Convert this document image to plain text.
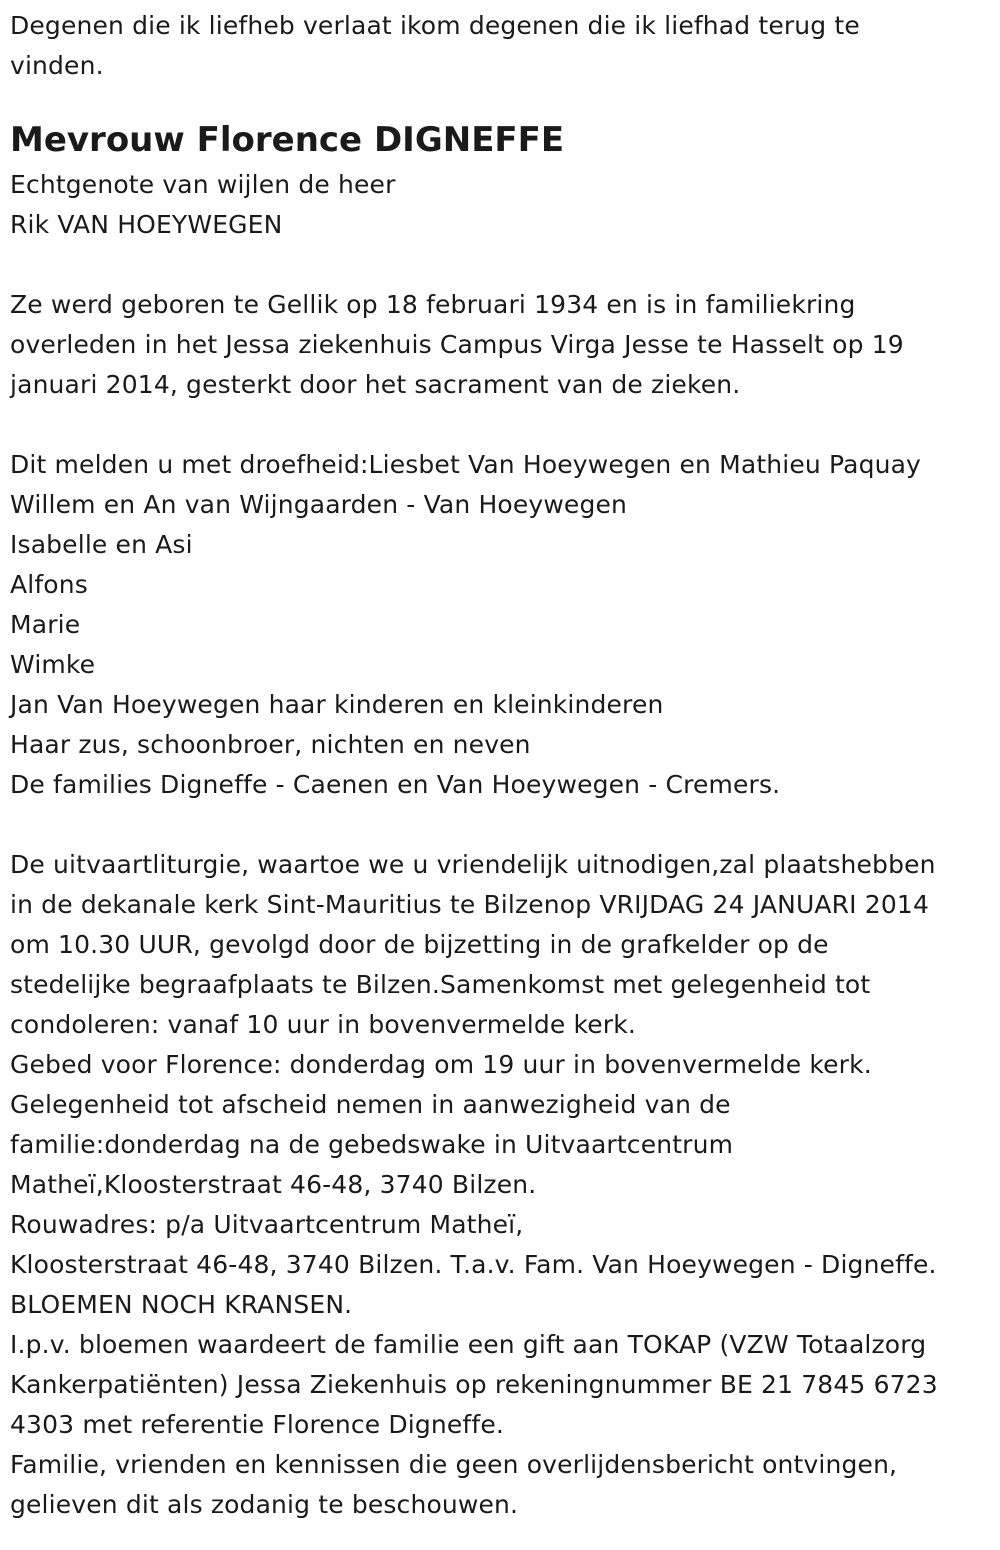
Degenen die ik liefheb verlaat ikom degenen die ik liefhad terug te
vinden.
Mevrouw Florence DIGNEFFE
Echtgenote van wijlen de heer
Rik VAN HOEYWEGEN
Ze werd geboren te Gellik op 18 februari 1934 en is in familiekring
overleden in het Jessa ziekenhuis Campus Virga Jesse te Hasselt op 19
januari 2014, gesterkt door het sacrament van de zieken.
Dit melden u met droefheid:Liesbet Van Hoeywegen en Mathieu Paquay
Willem en An van Wijngaarden - Van Hoeywegen
Isabelle en Asi
Alfons
Marie
Wimke
Jan Van Hoeywegen haar kinderen en kleinkinderen
Haar zus, schoonbroer, nichten en neven
De families Digneffe - Caenen en Van Hoeywegen - Cremers.
De uitvaartliturgie, waartoe we u vriendelijk uitnodigen,zal plaatshebben
in de dekanale kerk Sint-Mauritius te Bilzenop VRIJDAG 24 JANUARI 2014
om 10.30 UUR, gevolgd door de bijzetting in de grafkelder op de
stedelijke begraafplaats te Bilzen.Samenkomst met gelegenheid tot
condoleren: vanaf 10 uur in bovenvermelde kerk.
Gebed voor Florence: donderdag om 19 uur in bovenvermelde kerk.
Gelegenheid tot afscheid nemen in aanwezigheid van de
familie:donderdag na de gebedswake in Uitvaartcentrum
Matheï,Kloosterstraat 46-48, 3740 Bilzen.
Rouwadres: p/a Uitvaartcentrum Matheï,
Kloosterstraat 46-48, 3740 Bilzen. T.a.v. Fam. Van Hoeywegen - Digneffe.
BLOEMEN NOCH KRANSEN.
I.p.v. bloemen waardeert de familie een gift aan TOKAP (VZW Totaalzorg
Kankerpatiënten) Jessa Ziekenhuis op rekeningnummer BE 21 7845 6723
4303 met referentie Florence Digneffe.
Familie, vrienden en kennissen die geen overlijdensbericht ontvingen,
gelieven dit als zodanig te beschouwen.
